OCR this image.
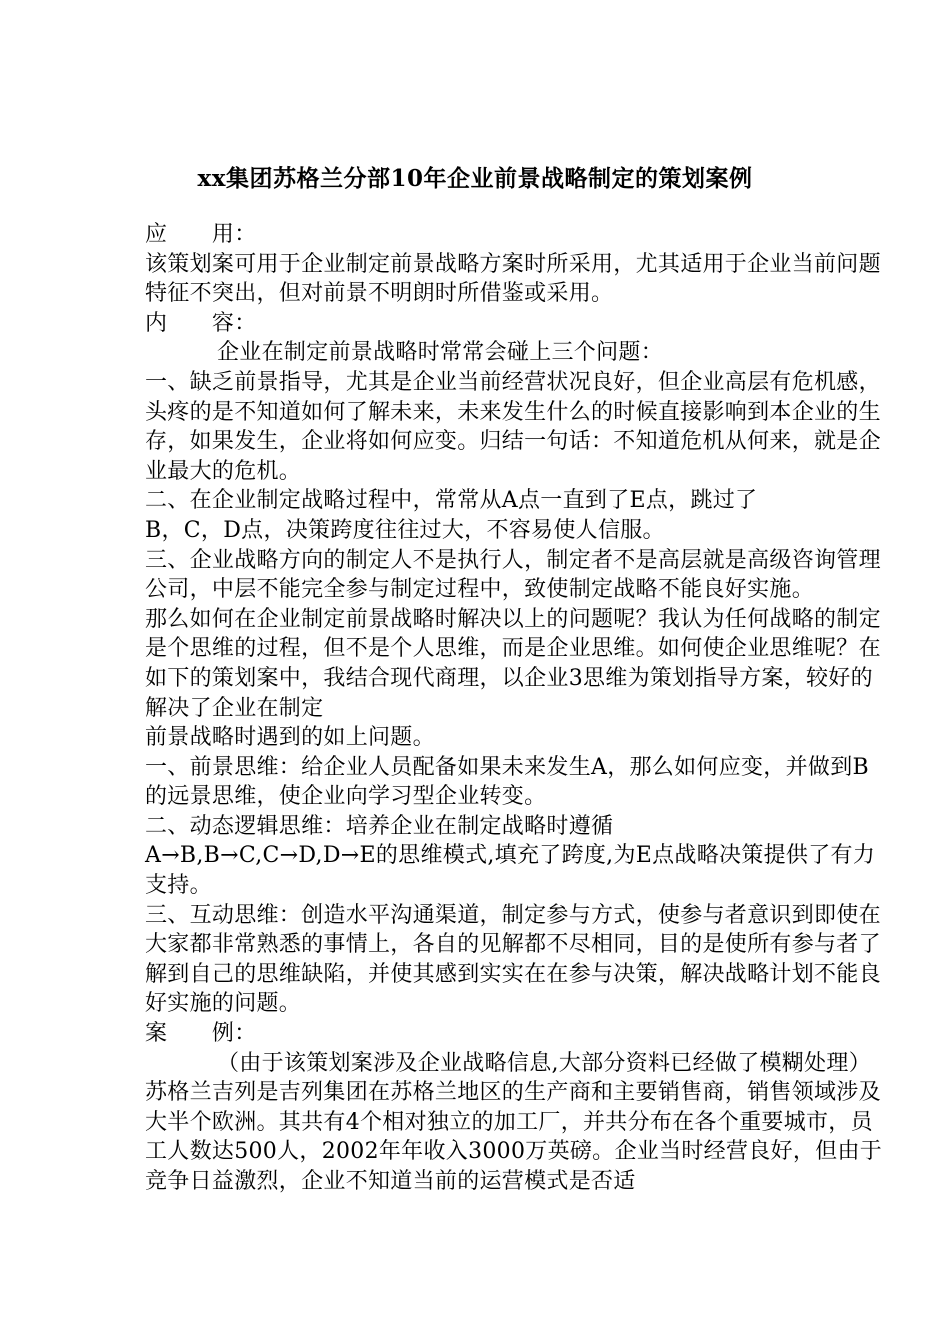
xx集团苏格兰分部10年企业前景战略制定的策划案例

应　　用：

该策划案可用于企业制定前景战略方案时所采用，尤其适用于企业当前问题特征不突出，但对前景不明朗时所借鉴或采用。

内　　容：

企业在制定前景战略时常常会碰上三个问题：

一、缺乏前景指导，尤其是企业当前经营状况良好，但企业高层有危机感，头疼的是不知道如何了解未来，未来发生什么的时候直接影响到本企业的生存，如果发生，企业将如何应变。归结一句话：不知道危机从何来，就是企业最大的危机。

二、在企业制定战略过程中，常常从A点一直到了E点，跳过了

B，C，D点，决策跨度往往过大，不容易使人信服。

三、企业战略方向的制定人不是执行人，制定者不是高层就是高级咨询管理公司，中层不能完全参与制定过程中，致使制定战略不能良好实施。

那么如何在企业制定前景战略时解决以上的问题呢？我认为任何战略的制定是个思维的过程，但不是个人思维，而是企业思维。如何使企业思维呢？在如下的策划案中，我结合现代商理，以企业3思维为策划指导方案，较好的解决了企业在制定

前景战略时遇到的如上问题。

一、前景思维：给企业人员配备如果未来发生A，那么如何应变，并做到B的远景思维，使企业向学习型企业转变。

二、动态逻辑思维：培养企业在制定战略时遵循

A→B,B→C,C→D,D→E的思维模式,填充了跨度,为E点战略决策提供了有力支持。

三、互动思维：创造水平沟通渠道，制定参与方式，使参与者意识到即使在大家都非常熟悉的事情上，各自的见解都不尽相同，目的是使所有参与者了解到自己的思维缺陷，并使其感到实实在在参与决策，解决战略计划不能良好实施的问题。

案　　例：

（由于该策划案涉及企业战略信息,大部分资料已经做了模糊处理）

苏格兰吉列是吉列集团在苏格兰地区的生产商和主要销售商，销售领域涉及大半个欧洲。其共有4个相对独立的加工厂，并共分布在各个重要城市，员工人数达500人，2002年年收入3000万英磅。企业当时经营良好，但由于竞争日益激烈，企业不知道当前的运营模式是否适
